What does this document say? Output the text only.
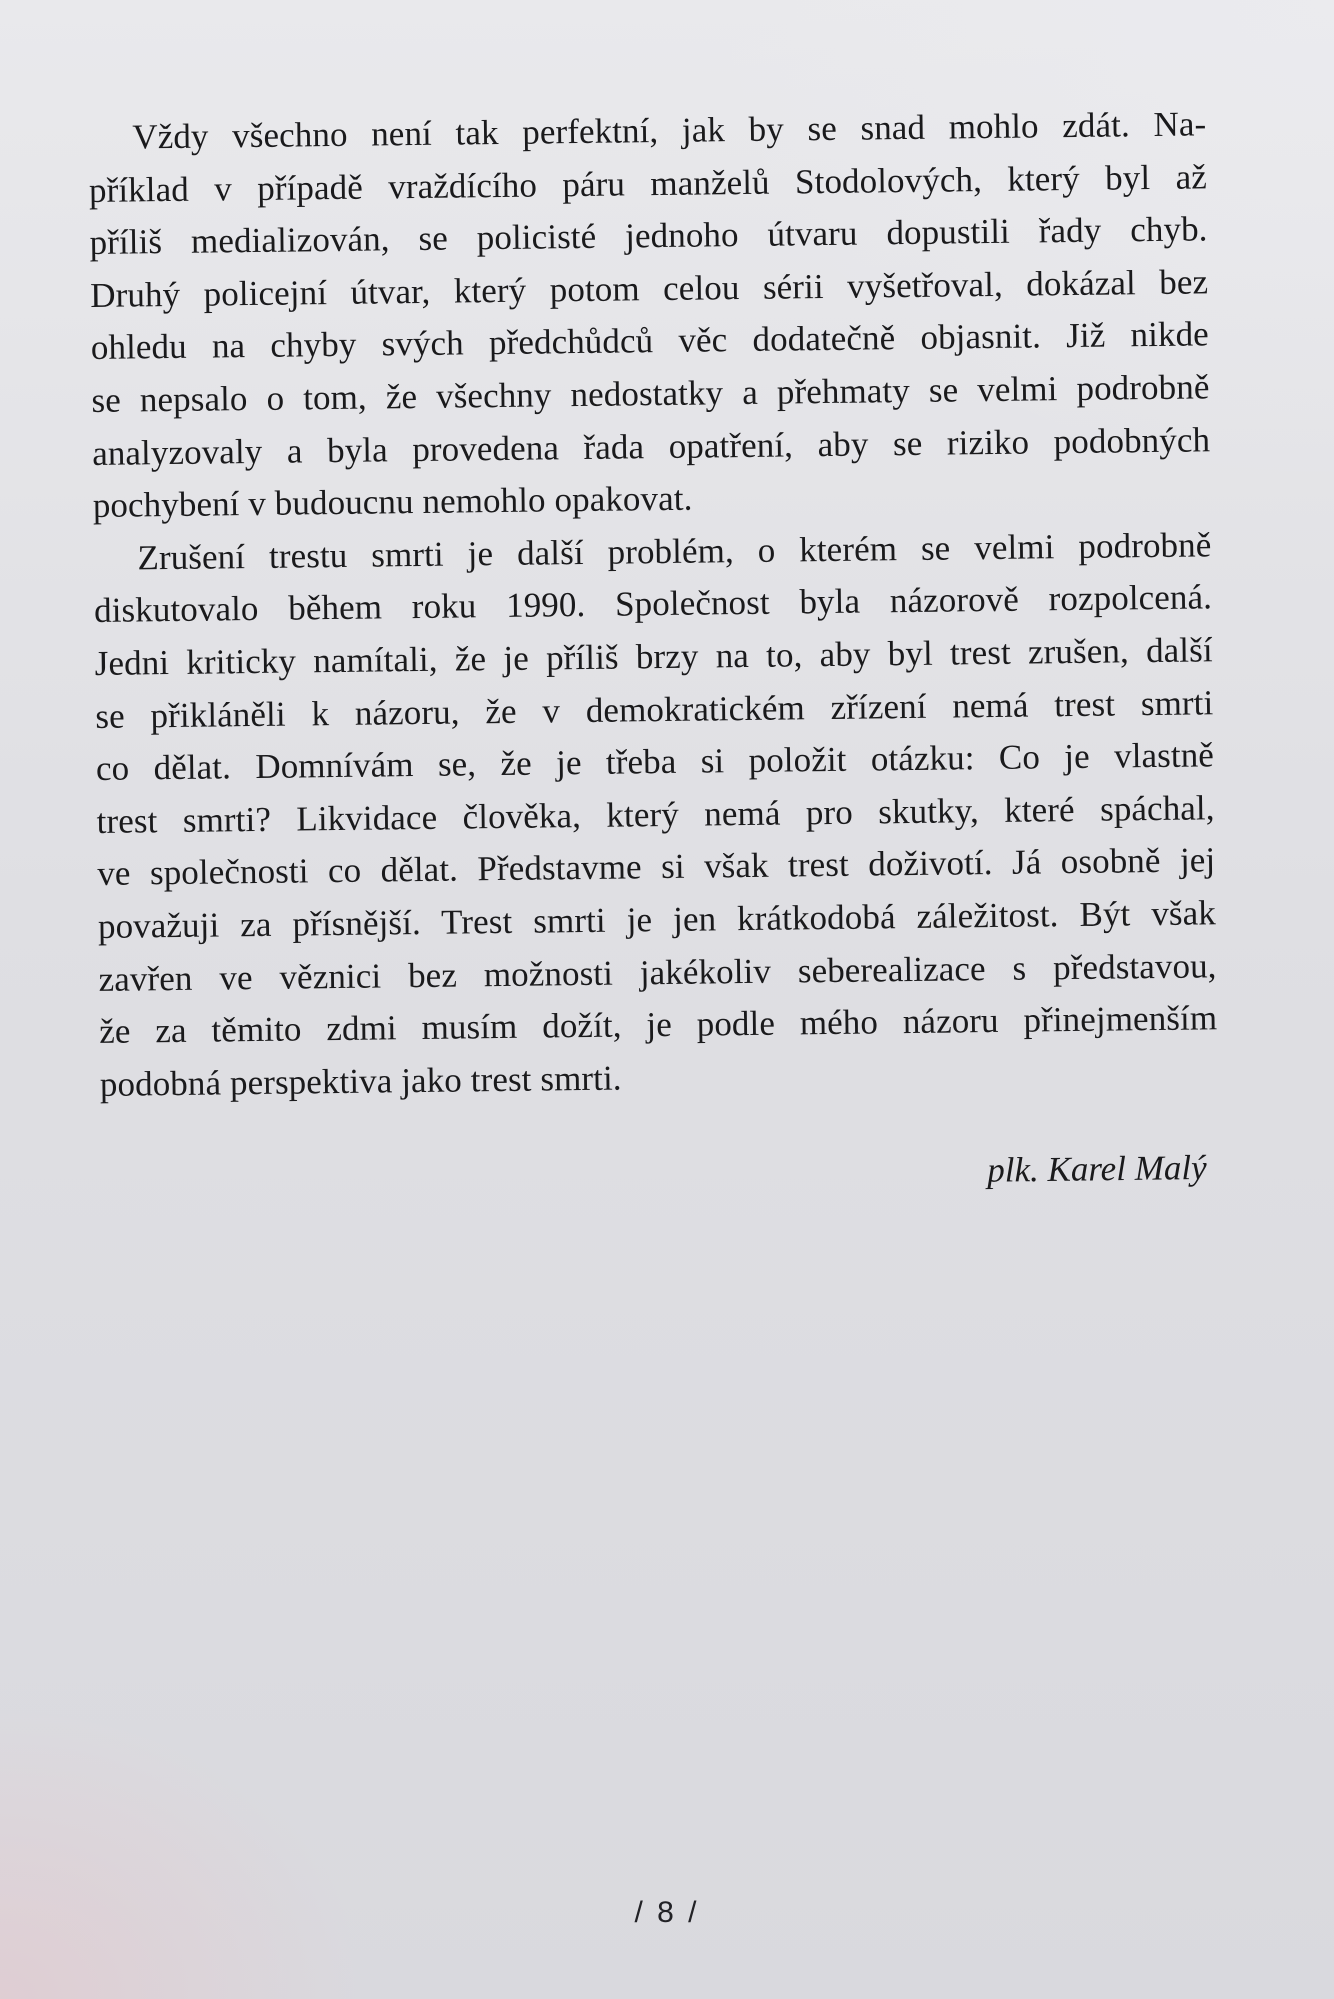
Vždy všechno není tak perfektní, jak by se snad mohlo zdát. Na-
příklad v případě vraždícího páru manželů Stodolových, který byl až
příliš medializován, se policisté jednoho útvaru dopustili řady chyb.
Druhý policejní útvar, který potom celou sérii vyšetřoval, dokázal bez
ohledu na chyby svých předchůdců věc dodatečně objasnit. Již nikde
se nepsalo o tom, že všechny nedostatky a přehmaty se velmi podrobně
analyzovaly a byla provedena řada opatření, aby se riziko podobných
pochybení v budoucnu nemohlo opakovat.

Zrušení trestu smrti je další problém, o kterém se velmi podrobně
diskutovalo během roku 1990. Společnost byla názorově rozpolcená.
Jedni kriticky namítali, že je příliš brzy na to, aby byl trest zrušen, další
se přikláněli k názoru, že v demokratickém zřízení nemá trest smrti
co dělat. Domnívám se, že je třeba si položit otázku: Co je vlastně
trest smrti? Likvidace člověka, který nemá pro skutky, které spáchal,
ve společnosti co dělat. Představme si však trest doživotí. Já osobně jej
považuji za přísnější. Trest smrti je jen krátkodobá záležitost. Být však
zavřen ve věznici bez možnosti jakékoliv seberealizace s představou,
že za těmito zdmi musím dožít, je podle mého názoru přinejmenším
podobná perspektiva jako trest smrti.

plk. Karel Malý
/ 8 /
